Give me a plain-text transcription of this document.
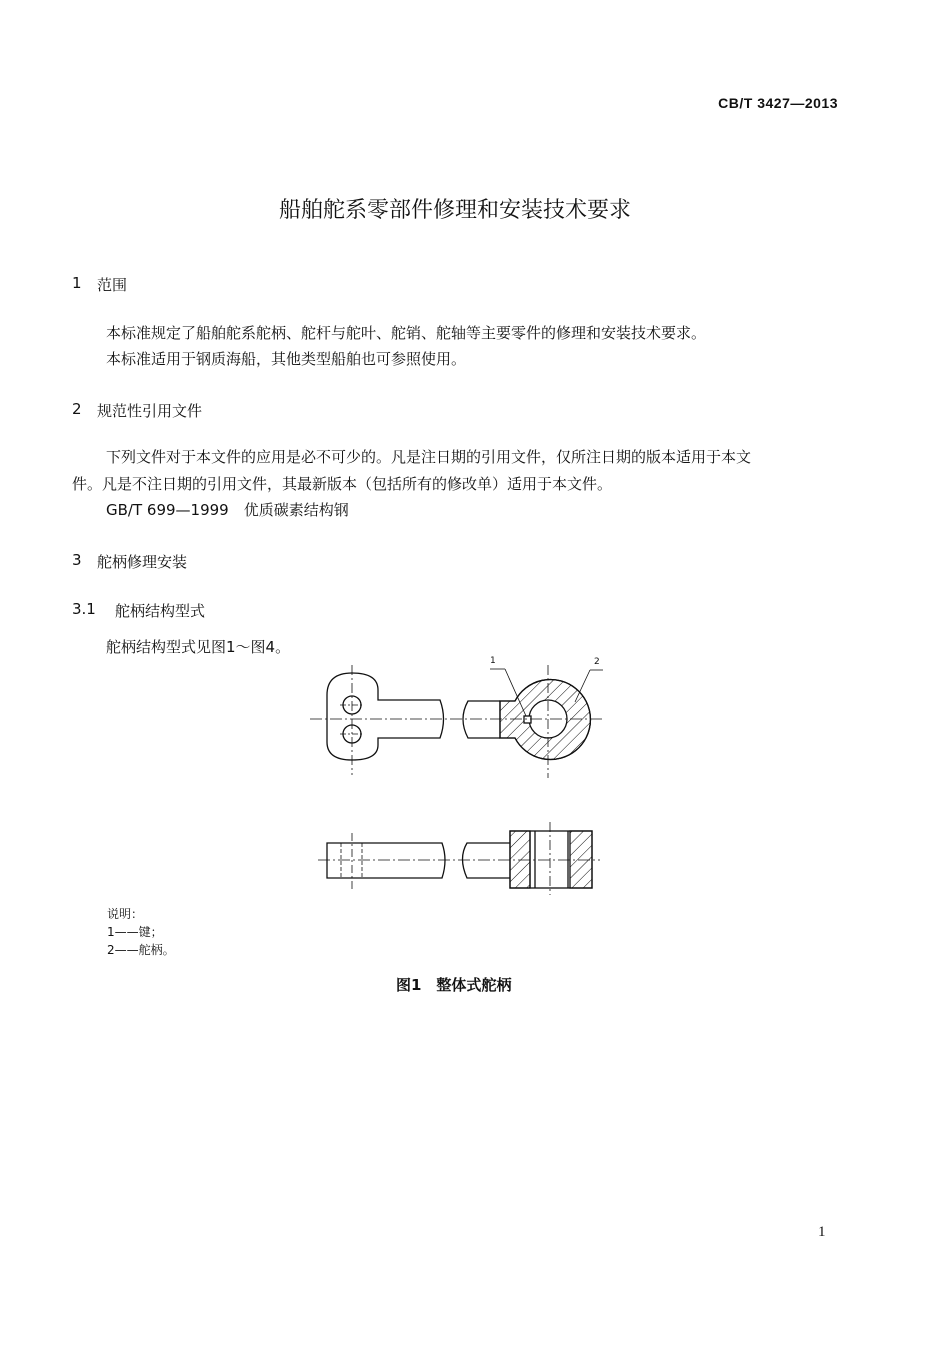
CB/T 3427—2013
船舶舵系零部件修理和安装技术要求
1 范围
本标准规定了船舶舵系舵柄、舵杆与舵叶、舵销、舵轴等主要零件的修理和安装技术要求。
本标准适用于钢质海船，其他类型船舶也可参照使用。
2 规范性引用文件
下列文件对于本文件的应用是必不可少的。凡是注日期的引用文件，仅所注日期的版本适用于本文
件。凡是不注日期的引用文件，其最新版本（包括所有的修改单）适用于本文件。
GB/T 699—1999　优质碳素结构钢
3 舵柄修理安装
3.1 舵柄结构型式
舵柄结构型式见图1～图4。
1	2
说明：
1——键；
2——舵柄。
图1　整体式舵柄
1
